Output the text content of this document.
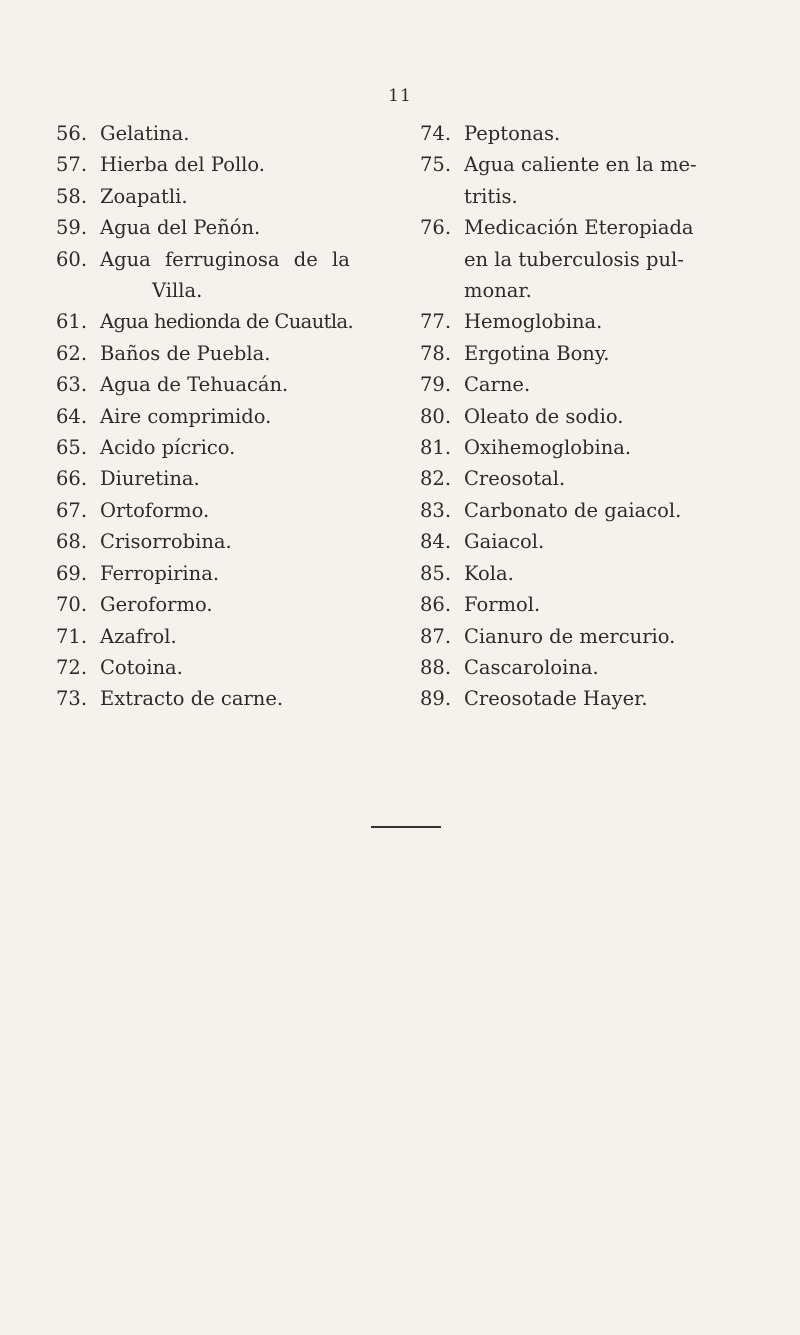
11
56. Gelatina.
57. Hierba del Pollo.
58. Zoapatli.
59. Agua del Peñón.
60. Agua ferruginosa de la
Villa.
61. Agua hedionda de Cuautla.
62. Baños de Puebla.
63. Agua de Tehuacán.
64. Aire comprimido.
65. Acido pícrico.
66. Diuretina.
67. Ortoformo.
68. Crisorrobina.
69. Ferropirina.
70. Geroformo.
71. Azafrol.
72. Cotoina.
73. Extracto de carne.
74. Peptonas.
75. Agua caliente en la me-
tritis.
76. Medicación Eteropiada
en la tuberculosis pul-
monar.
77. Hemoglobina.
78. Ergotina Bony.
79. Carne.
80. Oleato de sodio.
81. Oxihemoglobina.
82. Creosotal.
83. Carbonato de gaiacol.
84. Gaiacol.
85. Kola.
86. Formol.
87. Cianuro de mercurio.
88. Cascaroloina.
89. Creosotade Hayer.
